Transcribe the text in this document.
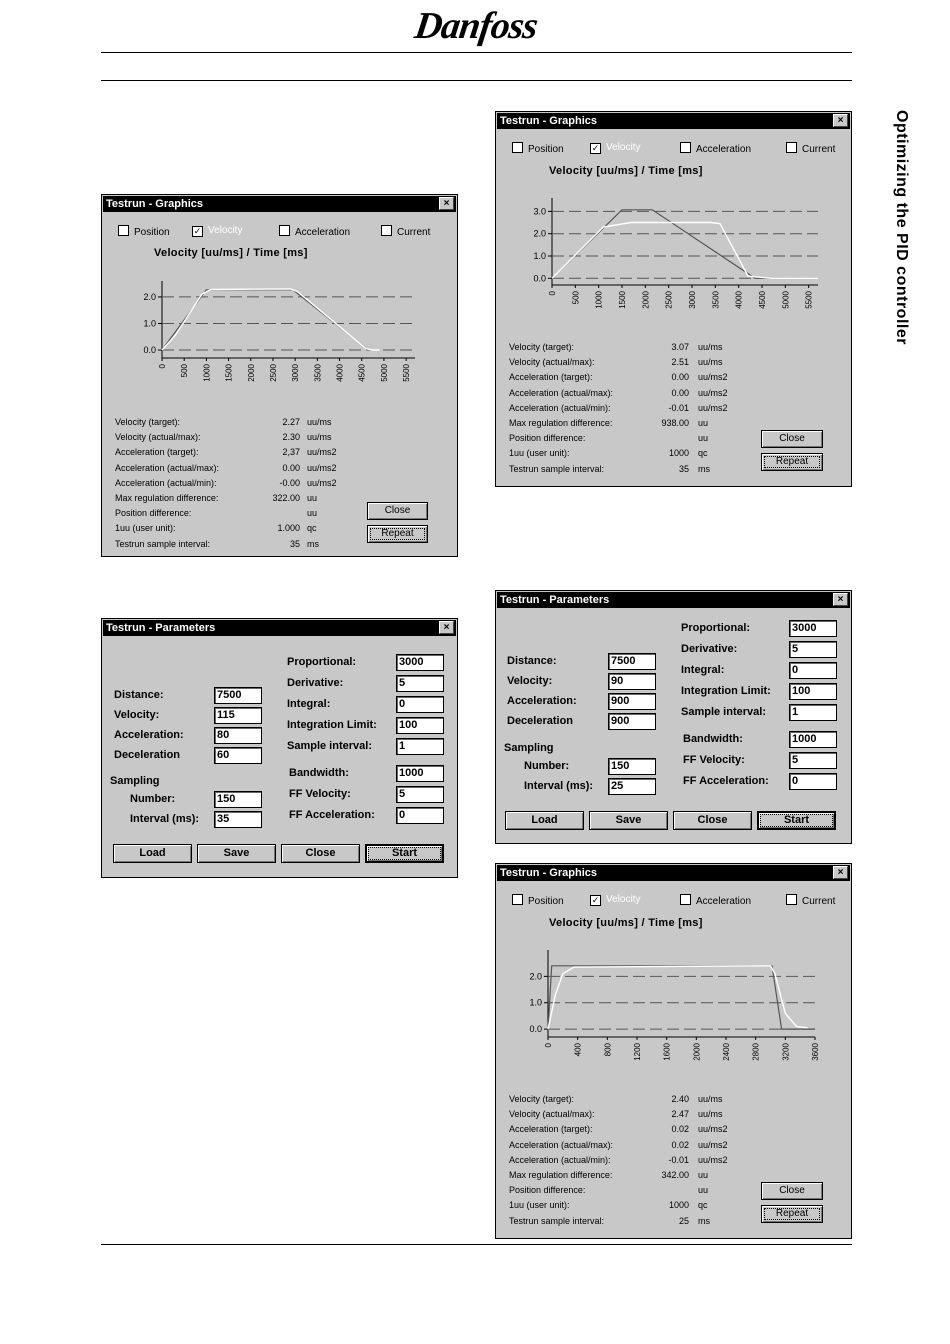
Danfoss
Optimizing the PID controller
Testrun - Graphics	×
Position	✓ Velocity	Acceleration	Current
Velocity [uu/ms] / Time [ms]
0.0
1.0
2.0
0 500 1000 1500 2000 2500 3000 3500 4000 4500 5000 5500
Velocity (target):	2.27 uu/ms
Velocity (actual/max):	2.30 uu/ms
Acceleration (target):	2,37 uu/ms2
Acceleration (actual/max):	0.00 uu/ms2
Acceleration (actual/min):	-0.00 uu/ms2
Max regulation difference:	322.00 uu
Position difference:	uu
1uu (user unit):	1.000 qc
Testrun sample interval:	35 ms
Close
Repeat
Testrun - Graphics	×
Position	✓ Velocity	Acceleration	Current
Velocity [uu/ms] / Time [ms]
0.0
1.0
2.0
3.0
0 500 1000 1500 2000 2500 3000 3500 4000 4500 5000 5500
Velocity (target):	3.07 uu/ms
Velocity (actual/max):	2.51 uu/ms
Acceleration (target):	0.00 uu/ms2
Acceleration (actual/max):	0.00 uu/ms2
Acceleration (actual/min):	-0.01 uu/ms2
Max regulation difference:	938.00 uu
Position difference:	uu
1uu (user unit):	1000 qc
Testrun sample interval:	35 ms
Close
Repeat
Testrun - Graphics	×
Position	✓ Velocity	Acceleration	Current
Velocity [uu/ms] / Time [ms]
0.0
1.0
2.0
0	400	800	1200	1600	2000	2400	2800	3200	3600
Velocity (target):	2.40 uu/ms
Velocity (actual/max):	2.47 uu/ms
Acceleration (target):	0.02 uu/ms2
Acceleration (actual/max):	0.02 uu/ms2
Acceleration (actual/min):	-0.01 uu/ms2
Max regulation difference:	342.00 uu
Position difference:	uu
1uu (user unit):	1000 qc
Testrun sample interval:	25 ms
Close
Repeat
Testrun - Parameters	×
Distance:	7500
Velocity:	115
Acceleration:	80
Deceleration	60
Sampling
Number:	150
Interval (ms): 35
Proportional:	3000
Derivative:	5
Integral:	0
Integration Limit: 100
Sample interval: 1
Bandwidth:	1000
FF Velocity:	5
FF Acceleration: 0
Load	Save	Close	Start
Testrun - Parameters	×
Distance:	7500
Velocity:	90
Acceleration:	900
Deceleration	900
Sampling
Number:	150
Interval (ms): 25
Proportional:	3000
Derivative:	5
Integral:	0
Integration Limit: 100
Sample interval: 1
Bandwidth:	1000
FF Velocity:	5
FF Acceleration: 0
Load	Save	Close	Start
